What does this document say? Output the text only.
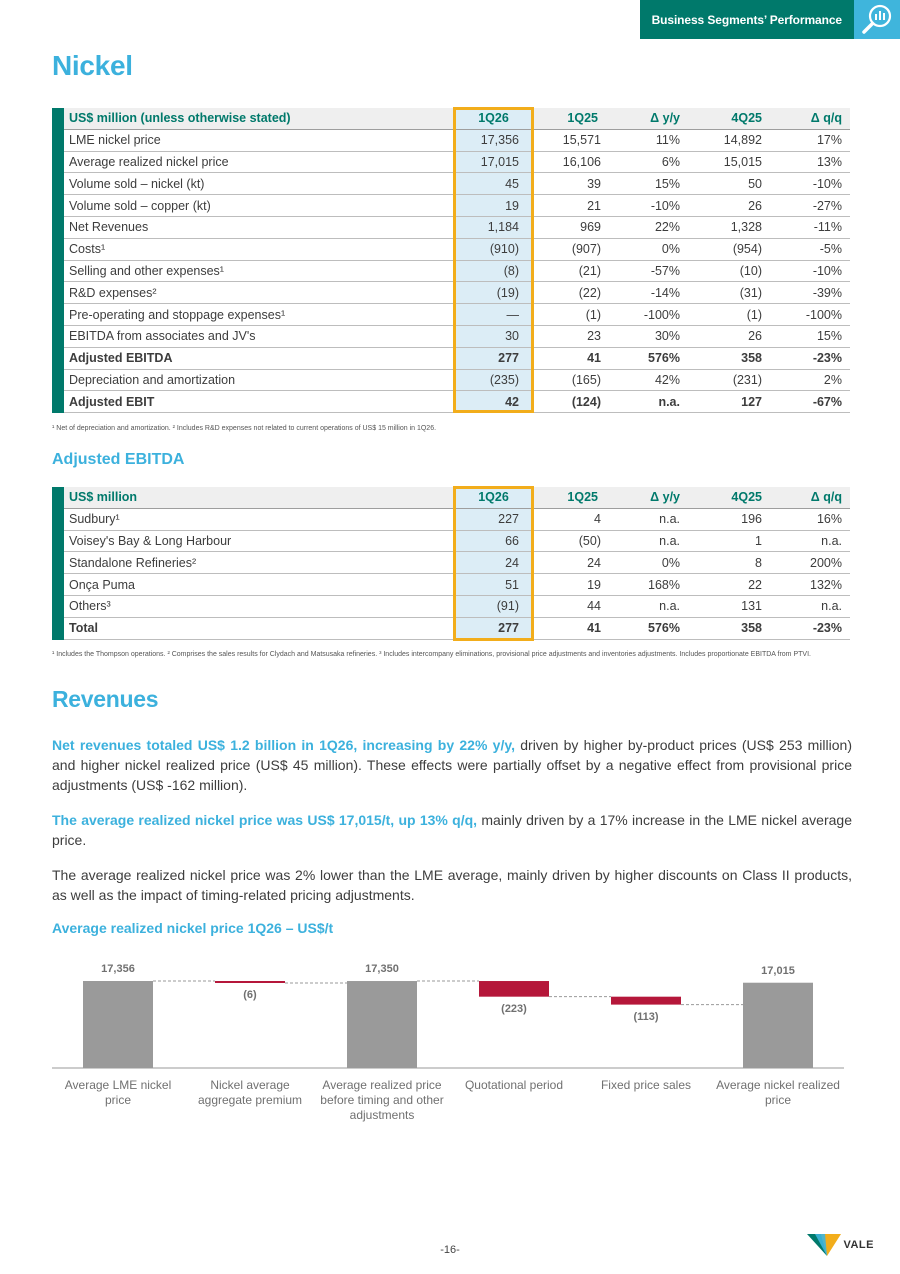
Business Segments’ Performance
Nickel
US$ million (unless otherwise stated)	1Q26	1Q25	Δ y/y	4Q25	Δ q/q
LME nickel price	17,356	15,571	11%	14,892	17%
Average realized nickel price	17,015	16,106	6%	15,015	13%
Volume sold – nickel (kt)	45	39	15%	50	-10%
Volume sold – copper (kt)	19	21	-10%	26	-27%
Net Revenues	1,184	969	22%	1,328	-11%
Costs¹	(910)	(907)	0%	(954)	-5%
Selling and other expenses¹	(8)	(21)	-57%	(10)	-10%
R&D expenses²	(19)	(22)	-14%	(31)	-39%
Pre-operating and stoppage expenses¹	—	(1)	-100%	(1)	-100%
EBITDA from associates and JV's	30	23	30%	26	15%
Adjusted EBITDA	277	41	576%	358	-23%
Depreciation and amortization	(235)	(165)	42%	(231)	2%
Adjusted EBIT	42	(124)	n.a.	127	-67%
¹ Net of depreciation and amortization. ² Includes R&D expenses not related to current operations of US$ 15 million in 1Q26.
Adjusted EBITDA
US$ million	1Q26	1Q25	Δ y/y	4Q25	Δ q/q
Sudbury¹	227	4	n.a.	196	16%
Voisey's Bay & Long Harbour	66	(50)	n.a.	1	n.a.
Standalone Refineries²	24	24	0%	8	200%
Onça Puma	51	19	168%	22	132%
Others³	(91)	44	n.a.	131	n.a.
Total	277	41	576%	358	-23%
¹ Includes the Thompson operations. ² Comprises the sales results for Clydach and Matsusaka refineries. ³ Includes intercompany eliminations, provisional price adjustments and inventories adjustments. Includes proportionate EBITDA from PTVI.
Revenues
Net revenues totaled US$ 1.2 billion in 1Q26, increasing by 22% y/y, driven by higher by-product prices (US$ 253 million) and higher nickel realized price (US$ 45 million). These effects were partially offset by a negative effect from provisional price adjustments (US$ -162 million).
The average realized nickel price was US$ 17,015/t, up 13% q/q, mainly driven by a 17% increase in the LME nickel average price.
The average realized nickel price was 2% lower than the LME average, mainly driven by higher discounts on Class II products, as well as the impact of timing-related pricing adjustments.
Average realized nickel price 1Q26 – US$/t
17,356
Average LME nickel price
(6)
Nickel average aggregate premium
17,350
Average realized price before timing and other adjustments
(223)
Quotational period
(113)
Fixed price sales
17,015
Average nickel realized price
-16-	VALE
